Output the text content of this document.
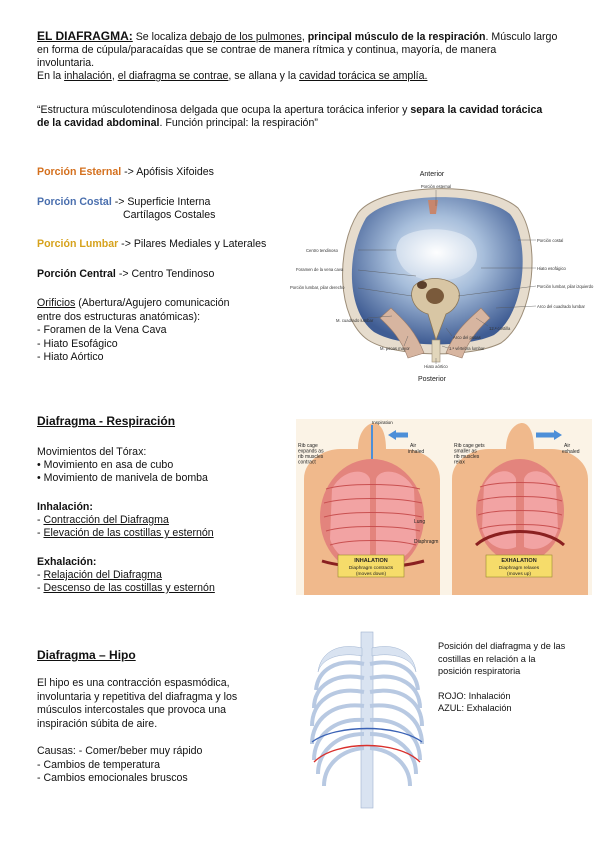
EL DIAFRAGMA: Se localiza debajo de los pulmones, principal músculo de la respiración. Músculo largo
en forma de cúpula/paracaídas que se contrae de manera rítmica y continua, mayoría, de manera
involuntaria.
En la inhalación, el diafragma se contrae, se allana y la cavidad torácica se amplía.
“Estructura músculotendinosa delgada que ocupa la apertura torácica inferior y separa la cavidad torácica
de la cavidad abdominal. Función principal: la respiración”
Porción Esternal -> Apófisis Xifoides
Porción Costal -> Superficie Interna
Cartílagos Costales
Porción Lumbar -> Pilares Mediales y Laterales
Porción Central -> Centro Tendinoso
Orificios (Abertura/Agujero comunicación
entre dos estructuras anatómicas):
- Foramen de la Vena Cava
- Hiato Esofágico
- Hiato Aórtico
Anterior
Posterior
Porción esternal
Porción costal
Centro tendinoso
Hiato esofágico
Foramen de la vena cava
Porción lumbar, pilar derecho	Porción lumbar, pilar izquierdo
Arco del cuadrado lumbar
M. cuadrado lumbar
12.ª costilla
Arco del psoas
M. psoas mayor	1.ª vértebra lumbar
Hiato aórtico
Diafragma - Respiración
Movimientos del Tórax:
• Movimiento en asa de cubo
• Movimiento de manivela de bomba
Inhalación:
- Contracción del Diafragma
- Elevación de las costillas y esternón
Exhalación:
- Relajación del Diafragma
- Descenso de las costillas y esternón
Inspiration
Air inhaled
Rib cage expands as rib muscles contract
Lung
Diaphragm
INHALATION
Diaphragm contracts
(moves down)
Air exhaled
Rib cage gets smaller as rib muscles relax
EXHALATION
Diaphragm relaxes
(moves up)
Diafragma – Hipo
El hipo es una contracción espasmódica,
involuntaria y repetitiva del diafragma y los
músculos intercostales que provoca una
inspiración súbita de aire.
Causas: - Comer/beber muy rápido
- Cambios de temperatura
- Cambios emocionales bruscos
Posición del diafragma y de las
costillas en relación a la
posición respiratoria
ROJO: Inhalación
AZUL: Exhalación
